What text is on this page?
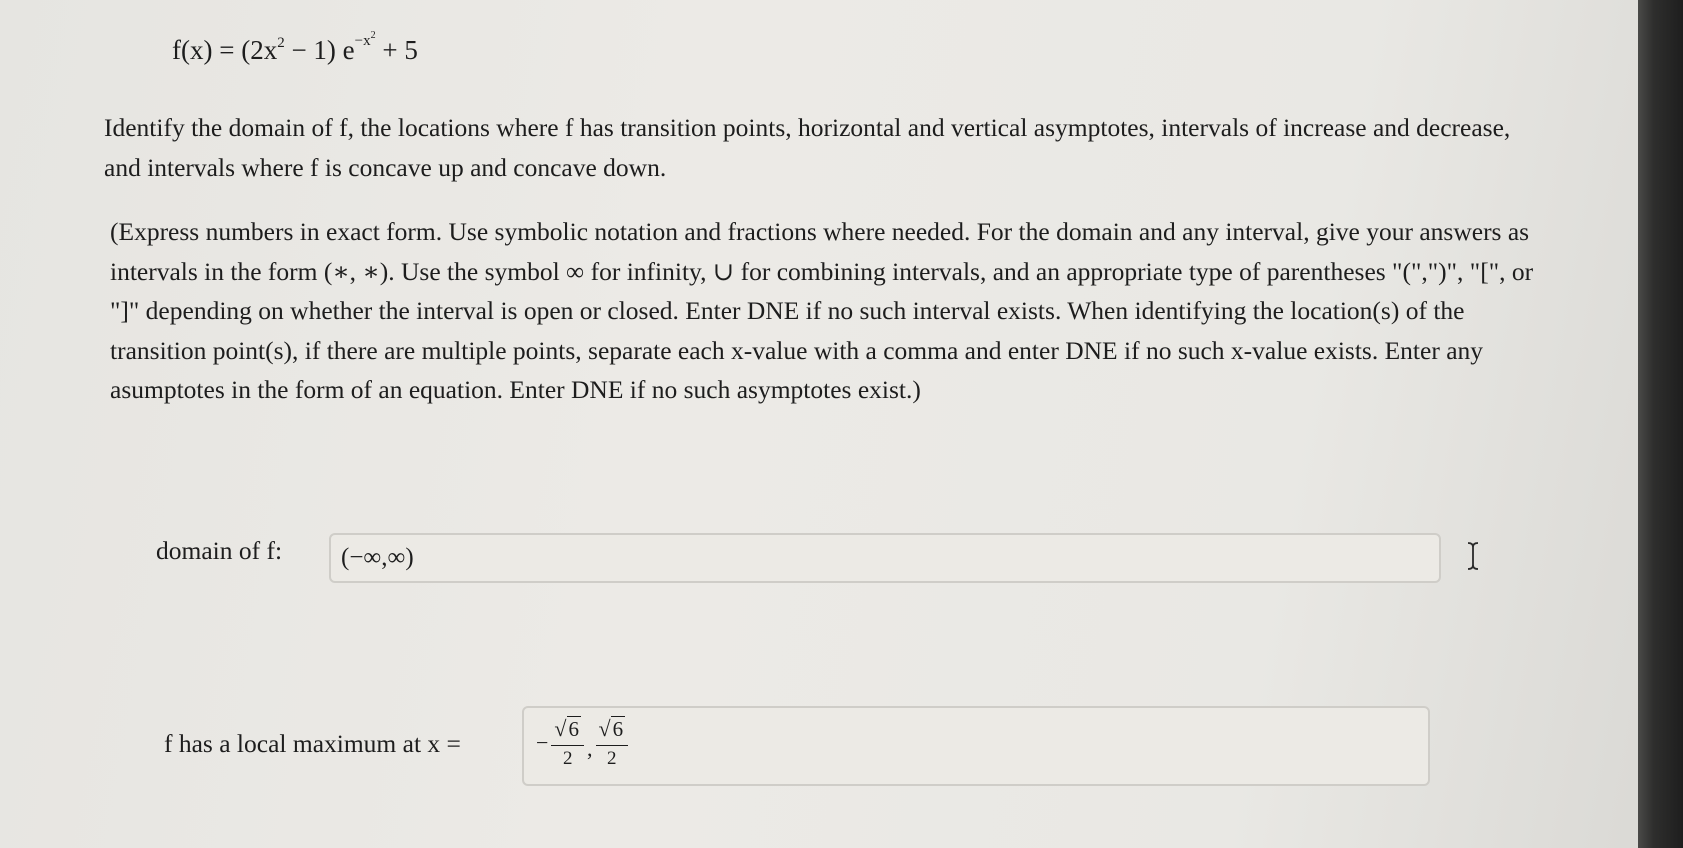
$f(x) = (2x^2 - 1) e^{-x^2} + 5$

Identify the domain of f, the locations where f has transition points, horizontal and vertical asymptotes, intervals of increase and decrease, and intervals where f is concave up and concave down.

(Express numbers in exact form. Use symbolic notation and fractions where needed. For the domain and any interval, give your answers as intervals in the form (∗, ∗). Use the symbol ∞ for infinity, ∪ for combining intervals, and an appropriate type of parentheses "(",")", "[", or "]" depending on whether the interval is open or closed. Enter DNE if no such interval exists. When identifying the location(s) of the transition point(s), if there are multiple points, separate each x-value with a comma and enter DNE if no such x-value exists. Enter any asumptotes in the form of an equation. Enter DNE if no such asymptotes exist.)

domain of f: (−∞,∞)
f has a local maximum at x =	− $\frac{√6}{2}$ , $\frac{√6}{2}$
